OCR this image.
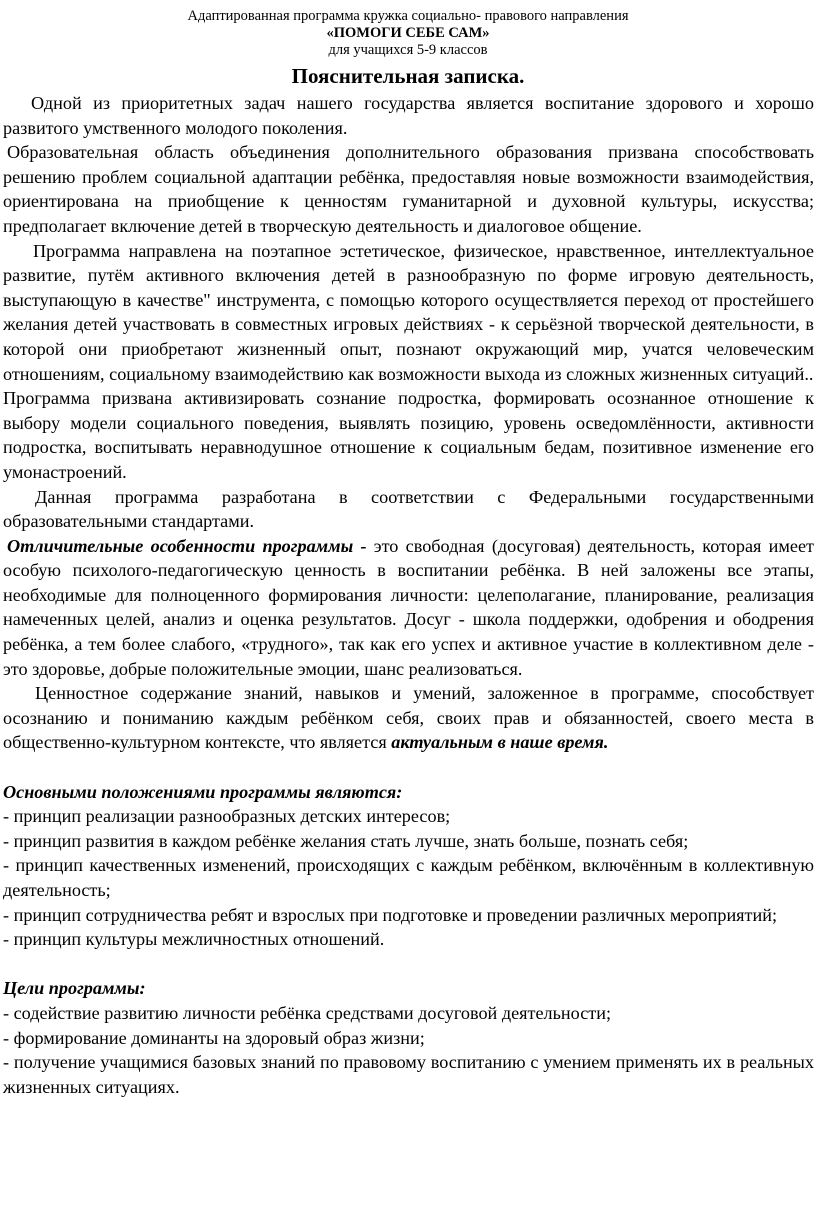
Адаптированная программа кружка социально- правового направления
«ПОМОГИ СЕБЕ САМ»
для учащихся 5-9 классов
Пояснительная записка.

Одной из приоритетных задач нашего государства является воспитание здорового и хорошо развитого умственного молодого поколения.

Образовательная область объединения дополнительного образования призвана способствовать решению проблем социальной адаптации ребёнка, предоставляя новые возможности взаимодействия, ориентирована на приобщение к ценностям гуманитарной и духовной культуры, искусства; предполагает включение детей в творческую деятельность и диалоговое общение.

Программа направлена на поэтапное эстетическое, физическое, нравственное, интеллектуальное развитие, путём активного включения детей в разнообразную по форме игровую деятельность, выступающую в качестве" инструмента, с помощью которого осуществляется переход от простейшего желания детей участвовать в совместных игровых действиях - к серьёзной творческой деятельности, в которой они приобретают жизненный опыт, познают окружающий мир, учатся человеческим отношениям, социальному взаимодействию как возможности выхода из сложных жизненных ситуаций..

Программа призвана активизировать сознание подростка, формировать осознанное отношение к выбору модели социального поведения, выявлять позицию, уровень осведомлённости, активности подростка, воспитывать неравнодушное отношение к социальным бедам, позитивное изменение его умонастроений.

Данная программа разработана в соответствии с Федеральными государственными образовательными стандартами.

Отличительные особенности программы - это свободная (досуговая) деятельность, которая имеет особую психолого-педагогическую ценность в воспитании ребёнка. В ней заложены все этапы, необходимые для полноценного формирования личности: целеполагание, планирование, реализация намеченных целей, анализ и оценка результатов. Досуг - школа поддержки, одобрения и ободрения ребёнка, а тем более слабого, «трудного», так как его успех и активное участие в коллективном деле - это здоровье, добрые положительные эмоции, шанс реализоваться.

Ценностное содержание знаний, навыков и умений, заложенное в программе, способствует осознанию и пониманию каждым ребёнком себя, своих прав и обязанностей, своего места в общественно-культурном контексте, что является актуальным в наше время.

Основными положениями программы являются:

- принцип реализации разнообразных детских интересов;

- принцип развития в каждом ребёнке желания стать лучше, знать больше, познать себя;

- принцип качественных изменений, происходящих с каждым ребёнком, включённым в коллективную деятельность;

- принцип сотрудничества ребят и взрослых при подготовке и проведении различных мероприятий;

- принцип культуры межличностных отношений.

Цели программы:

- содействие развитию личности ребёнка средствами досуговой деятельности;

- формирование доминанты на здоровый образ жизни;

- получение учащимися базовых знаний по правовому воспитанию с умением применять их в реальных жизненных ситуациях.
